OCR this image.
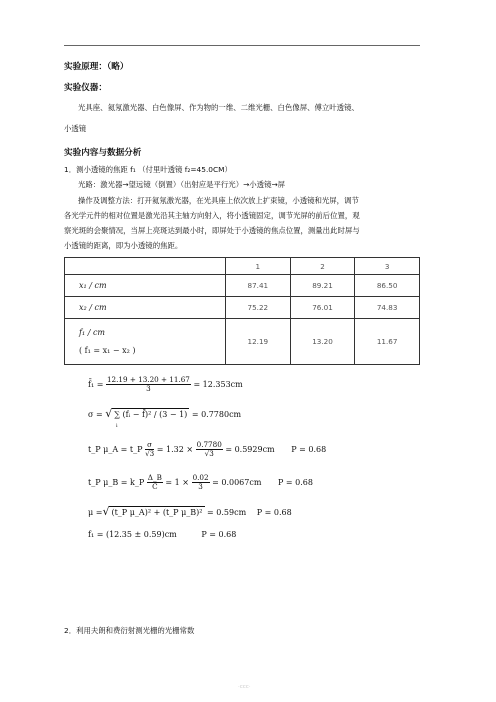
实验原理：（略）
实验仪器：
光具座、氦氖激光器、白色像屏、作为物的一维、二维光栅、白色像屏、傅立叶透镜、
小透镜
实验内容与数据分析
1．测小透镜的焦距 f₁ （付里叶透镜 f₂=45.0CM）
光路：激光器→望远镜（倒置）（出射应是平行光）→小透镜→屏
操作及调整方法：打开氦氖激光器，在光具座上依次放上扩束镜，小透镜和光屏，调节
各光学元件的相对位置是激光沿其主轴方向射入，将小透镜固定，调节光屏的前后位置，观
察光斑的会聚情况，当屏上亮斑达到最小时，即屏处于小透镜的焦点位置，测量出此时屏与
小透镜的距离，即为小透镜的焦距。
	1	2	3
x₁ / cm	87.41	89.21	86.50
x₂ / cm	75.22	76.01	74.83

f₁ / cm
( f₁ = x₁ − x₂ )	12.19	13.20	11.67
f̄₁ = $\frac{12.19 + 13.20 + 11.67}{3} = 12.353cm$
σ = √ ∑ (fᵢ − f̄)² / (3 − 1) = 0.7780cm
i
t_P μ_A = t_P $\frac{\sigma}{√3} = 1.32 \times \frac{0.7780}{√3} = 0.5929cm$ P = 0.68
t_P μ_B = k_P $\frac{\Delta\_B}{C} = 1 \times \frac{0.02}{3} = 0.0067cm$ P = 0.68
μ =√ (t_P μ_A)² + (t_P μ_B)² = 0.59cm P = 0.68
f₁ = (12.35 ± 0.59)cm	P = 0.68
2．利用夫朗和费衍射测光栅的光栅常数
·ccc·
